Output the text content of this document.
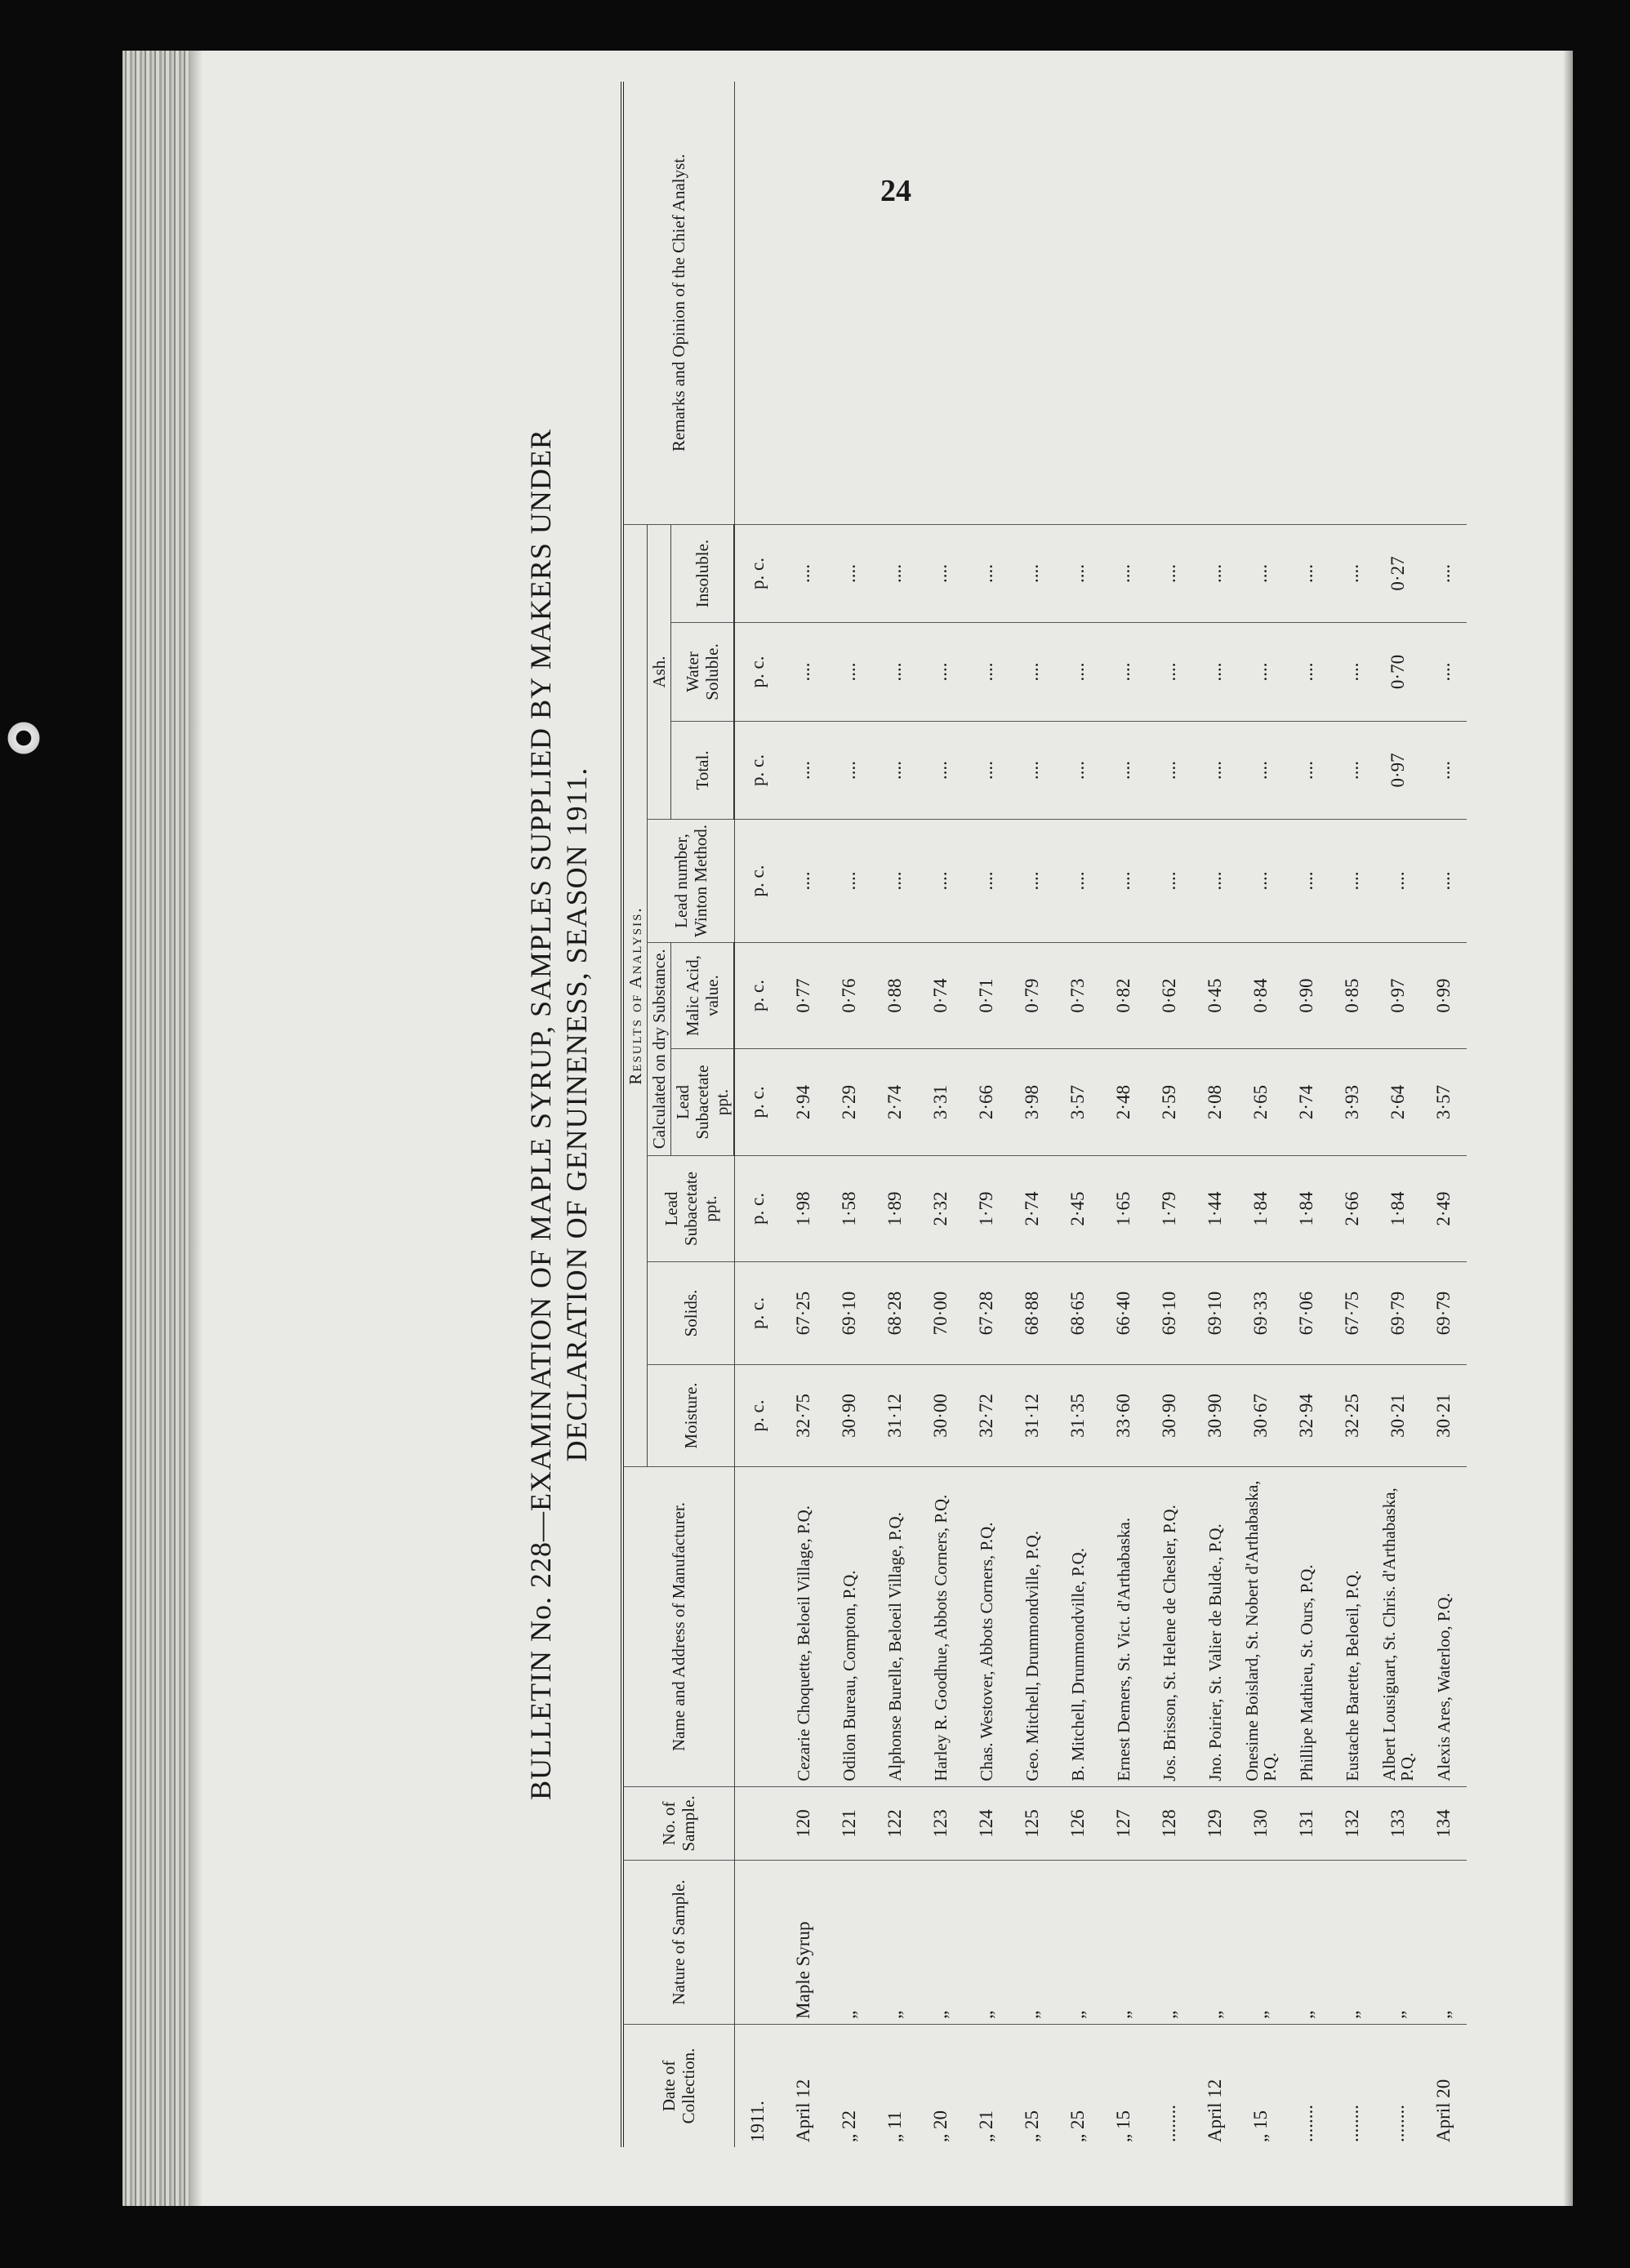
24
BULLETIN No. 228—EXAMINATION OF MAPLE SYRUP, SAMPLES SUPPLIED BY MAKERS UNDER DECLARATION OF GENUINENESS, SEASON 1911.
Date of Collection.	Nature of Sample.	No. of Sample.	Name and Address of Manufacturer.	Results of Analysis.									Remarks and Opinion of the Chief Analyst.
				Moisture.	Solids.	Lead Subacetate ppt.	Calculated on dry Substance.		Lead number, Winton Method.	Ash.			
							Lead Subacetate ppt.	Malic Acid, value.		Total.	Water Soluble.	Insoluble.	
1911.				p. c.	p. c.	p. c.	p. c.	p. c.	p. c.	p. c.	p. c.	p. c.	
April 12	Maple Syrup	120	Cezarie Choquette, Beloeil Village, P.Q.	32·75	67·25	1·98	2·94	0·77	....	....	....	....	
„ 22	„	121	Odilon Bureau, Compton, P.Q.	30·90	69·10	1·58	2·29	0·76	....	....	....	....	
„ 11	„	122	Alphonse Burelle, Beloeil Village, P.Q.	31·12	68·28	1·89	2·74	0·88	....	....	....	....	
„ 20	„	123	Harley R. Goodhue, Abbots Corners, P.Q.	30·00	70·00	2·32	3·31	0·74	....	....	....	....	
„ 21	„	124	Chas. Westover, Abbots Corners, P.Q.	32·72	67·28	1·79	2·66	0·71	....	....	....	....	
„ 25	„	125	Geo. Mitchell, Drummondville, P.Q.	31·12	68·88	2·74	3·98	0·79	....	....	....	....	
„ 25	„	126	B. Mitchell, Drummondville, P.Q.	31·35	68·65	2·45	3·57	0·73	....	....	....	....	
„ 15	„	127	Ernest Demers, St. Vict. d'Arthabaska.	33·60	66·40	1·65	2·48	0·82	....	....	....	....	
........	„	128	Jos. Brisson, St. Helene de Chesler, P.Q.	30·90	69·10	1·79	2·59	0·62	....	....	....	....	
April 12	„	129	Jno. Poirier, St. Valier de Bulde., P.Q.	30·90	69·10	1·44	2·08	0·45	....	....	....	....	
„ 15	„	130	Onesime Boislard, St. Nobert d'Arthabaska, P.Q.	30·67	69·33	1·84	2·65	0·84	....	....	....	....	
........	„	131	Phillipe Mathieu, St. Ours, P.Q.	32·94	67·06	1·84	2·74	0·90	....	....	....	....	
........	„	132	Eustache Barette, Beloeil, P.Q.	32·25	67·75	2·66	3·93	0·85	....	....	....	....	
........	„	133	Albert Lousiguart, St. Chris. d'Arthabaska, P.Q.	30·21	69·79	1·84	2·64	0·97	....	0·97	0·70	0·27	
April 20	„	134	Alexis Ares, Waterloo, P.Q.	30·21	69·79	2·49	3·57	0·99	....	....	....	....	
